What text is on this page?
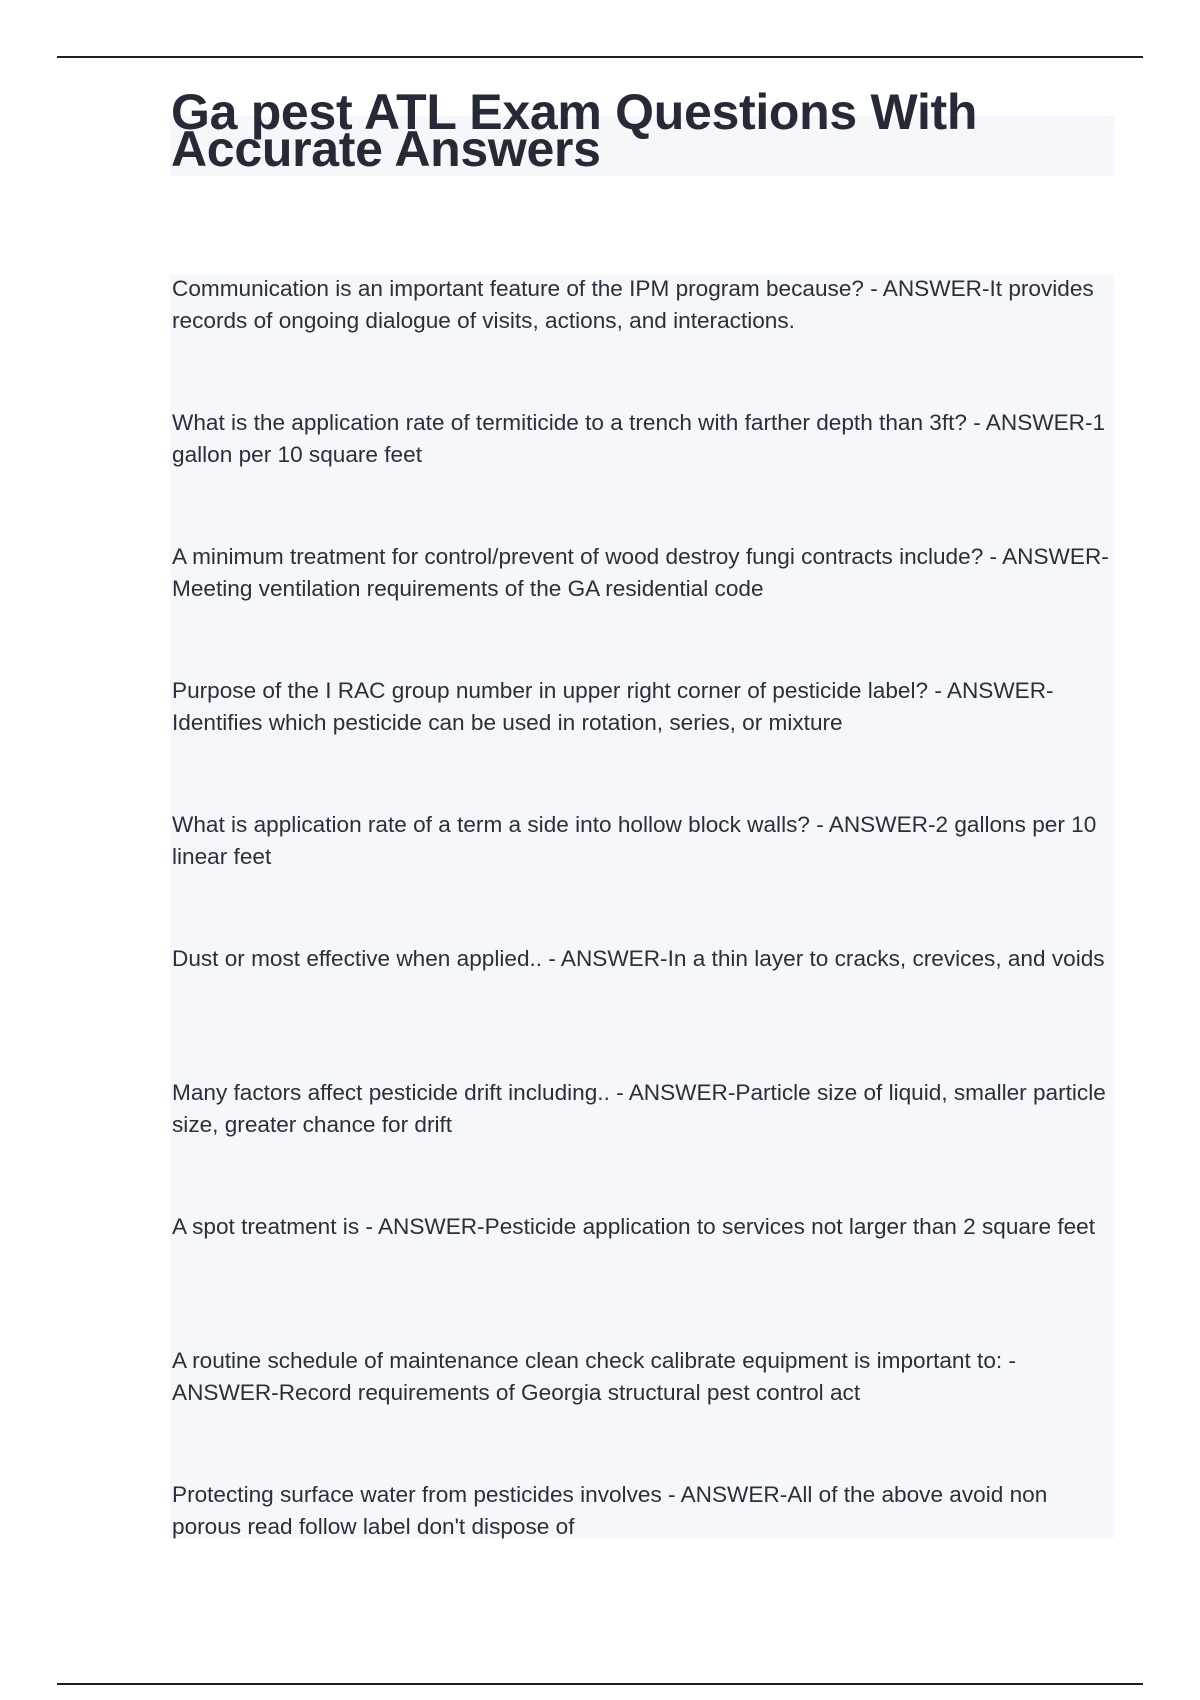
Ga pest ATL Exam Questions With Accurate Answers

Communication is an important feature of the IPM program because? - ANSWER-It provides records of ongoing dialogue of visits, actions, and interactions.

What is the application rate of termiticide to a trench with farther depth than 3ft? - ANSWER-1 gallon per 10 square feet

A minimum treatment for control/prevent of wood destroy fungi contracts include? - ANSWER-Meeting ventilation requirements of the GA residential code

Purpose of the I RAC group number in upper right corner of pesticide label? - ANSWER-Identifies which pesticide can be used in rotation, series, or mixture

What is application rate of a term a side into hollow block walls? - ANSWER-2 gallons per 10 linear feet

Dust or most effective when applied.. - ANSWER-In a thin layer to cracks, crevices, and voids

Many factors affect pesticide drift including.. - ANSWER-Particle size of liquid, smaller particle size, greater chance for drift

A spot treatment is - ANSWER-Pesticide application to services not larger than 2 square feet

A routine schedule of maintenance clean check calibrate equipment is important to: - ANSWER-Record requirements of Georgia structural pest control act

Protecting surface water from pesticides involves - ANSWER-All of the above avoid non porous read follow label don't dispose of
